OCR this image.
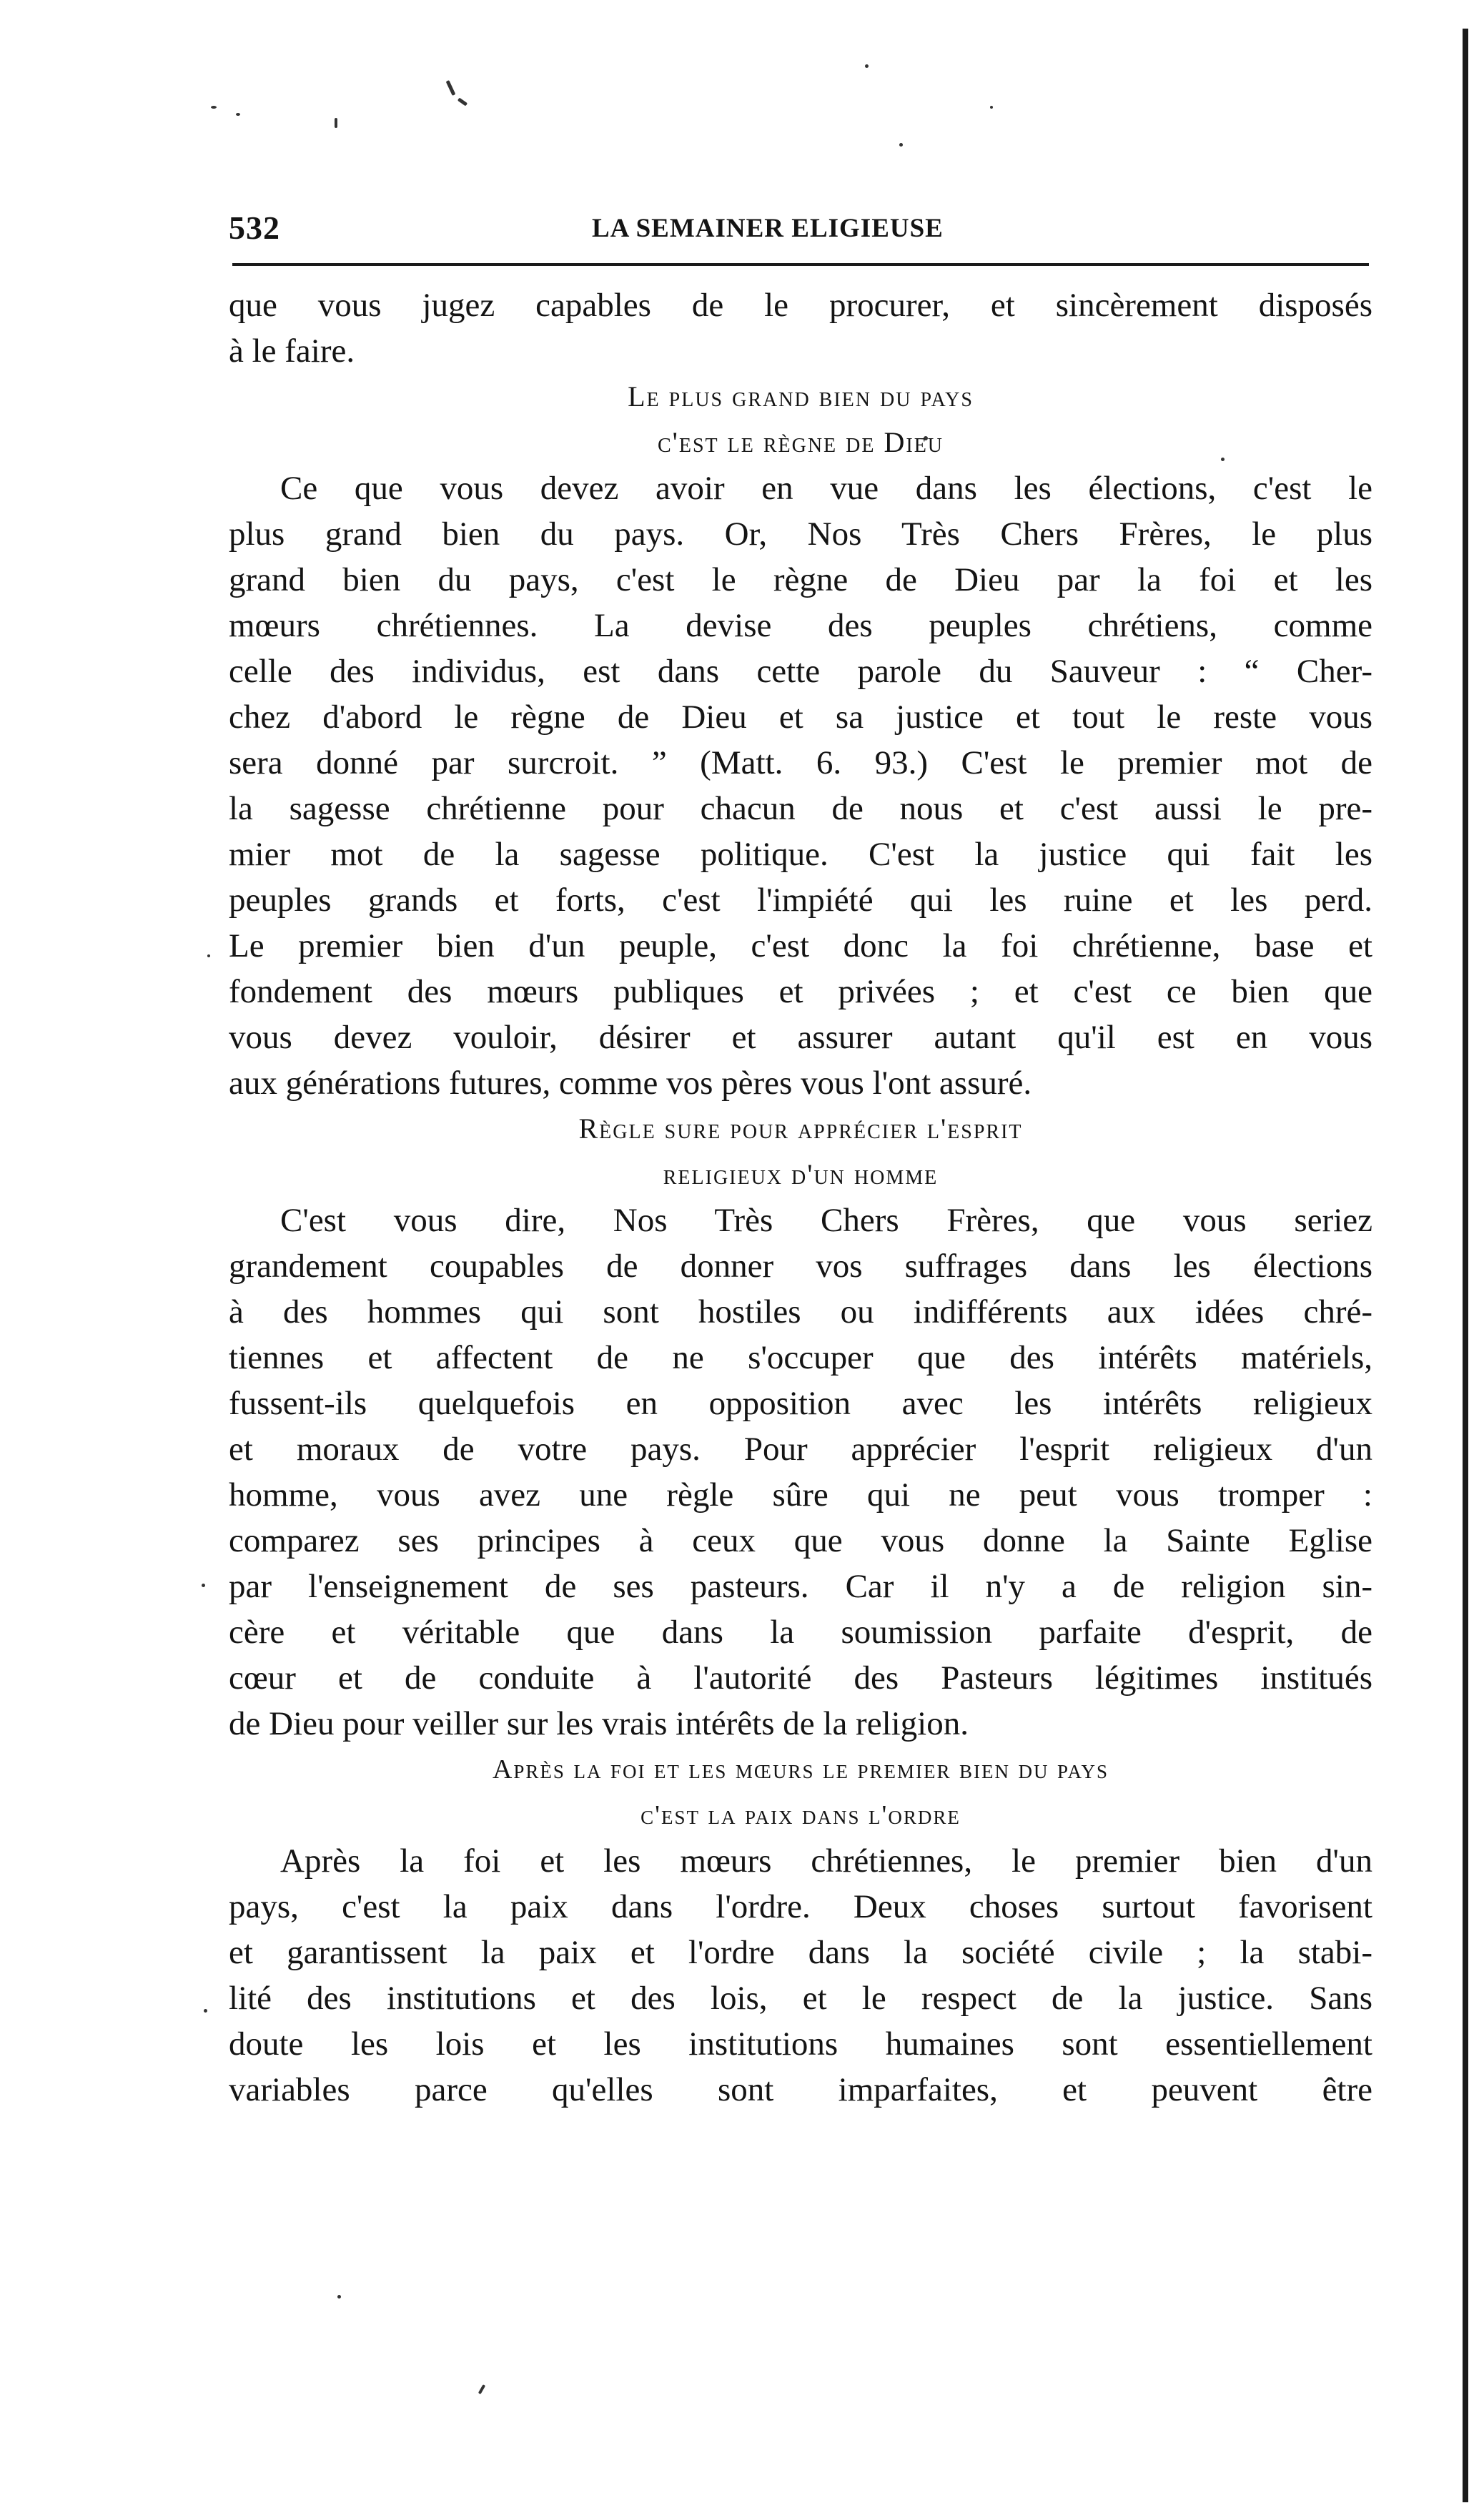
532	LA SEMAINER ELIGIEUSE
que vous jugez capables de le procurer, et sincèrement disposés
à le faire.
Le plus grand bien du pays
c'est le règne de Dieu
Ce que vous devez avoir en vue dans les élections, c'est le
plus grand bien du pays. Or, Nos Très Chers Frères, le plus
grand bien du pays, c'est le règne de Dieu par la foi et les
mœurs chrétiennes. La devise des peuples chrétiens, comme
celle des individus, est dans cette parole du Sauveur : “ Cher-
chez d'abord le règne de Dieu et sa justice et tout le reste vous
sera donné par surcroit. ” (Matt. 6. 93.) C'est le premier mot de
la sagesse chrétienne pour chacun de nous et c'est aussi le pre-
mier mot de la sagesse politique. C'est la justice qui fait les
peuples grands et forts, c'est l'impiété qui les ruine et les perd.
Le premier bien d'un peuple, c'est donc la foi chrétienne, base et
fondement des mœurs publiques et privées ; et c'est ce bien que
vous devez vouloir, désirer et assurer autant qu'il est en vous
aux générations futures, comme vos pères vous l'ont assuré.
Règle sure pour apprécier l'esprit
religieux d'un homme
C'est vous dire, Nos Très Chers Frères, que vous seriez
grandement coupables de donner vos suffrages dans les élections
à des hommes qui sont hostiles ou indifférents aux idées chré-
tiennes et affectent de ne s'occuper que des intérêts matériels,
fussent-ils quelquefois en opposition avec les intérêts religieux
et moraux de votre pays. Pour apprécier l'esprit religieux d'un
homme, vous avez une règle sûre qui ne peut vous tromper :
comparez ses principes à ceux que vous donne la Sainte Eglise
par l'enseignement de ses pasteurs. Car il n'y a de religion sin-
cère et véritable que dans la soumission parfaite d'esprit, de
cœur et de conduite à l'autorité des Pasteurs légitimes institués
de Dieu pour veiller sur les vrais intérêts de la religion.
Après la foi et les mœurs le premier bien du pays
c'est la paix dans l'ordre
Après la foi et les mœurs chrétiennes, le premier bien d'un
pays, c'est la paix dans l'ordre. Deux choses surtout favorisent
et garantissent la paix et l'ordre dans la société civile ; la stabi-
lité des institutions et des lois, et le respect de la justice. Sans
doute les lois et les institutions humaines sont essentiellement
variables parce qu'elles sont imparfaites, et peuvent être
